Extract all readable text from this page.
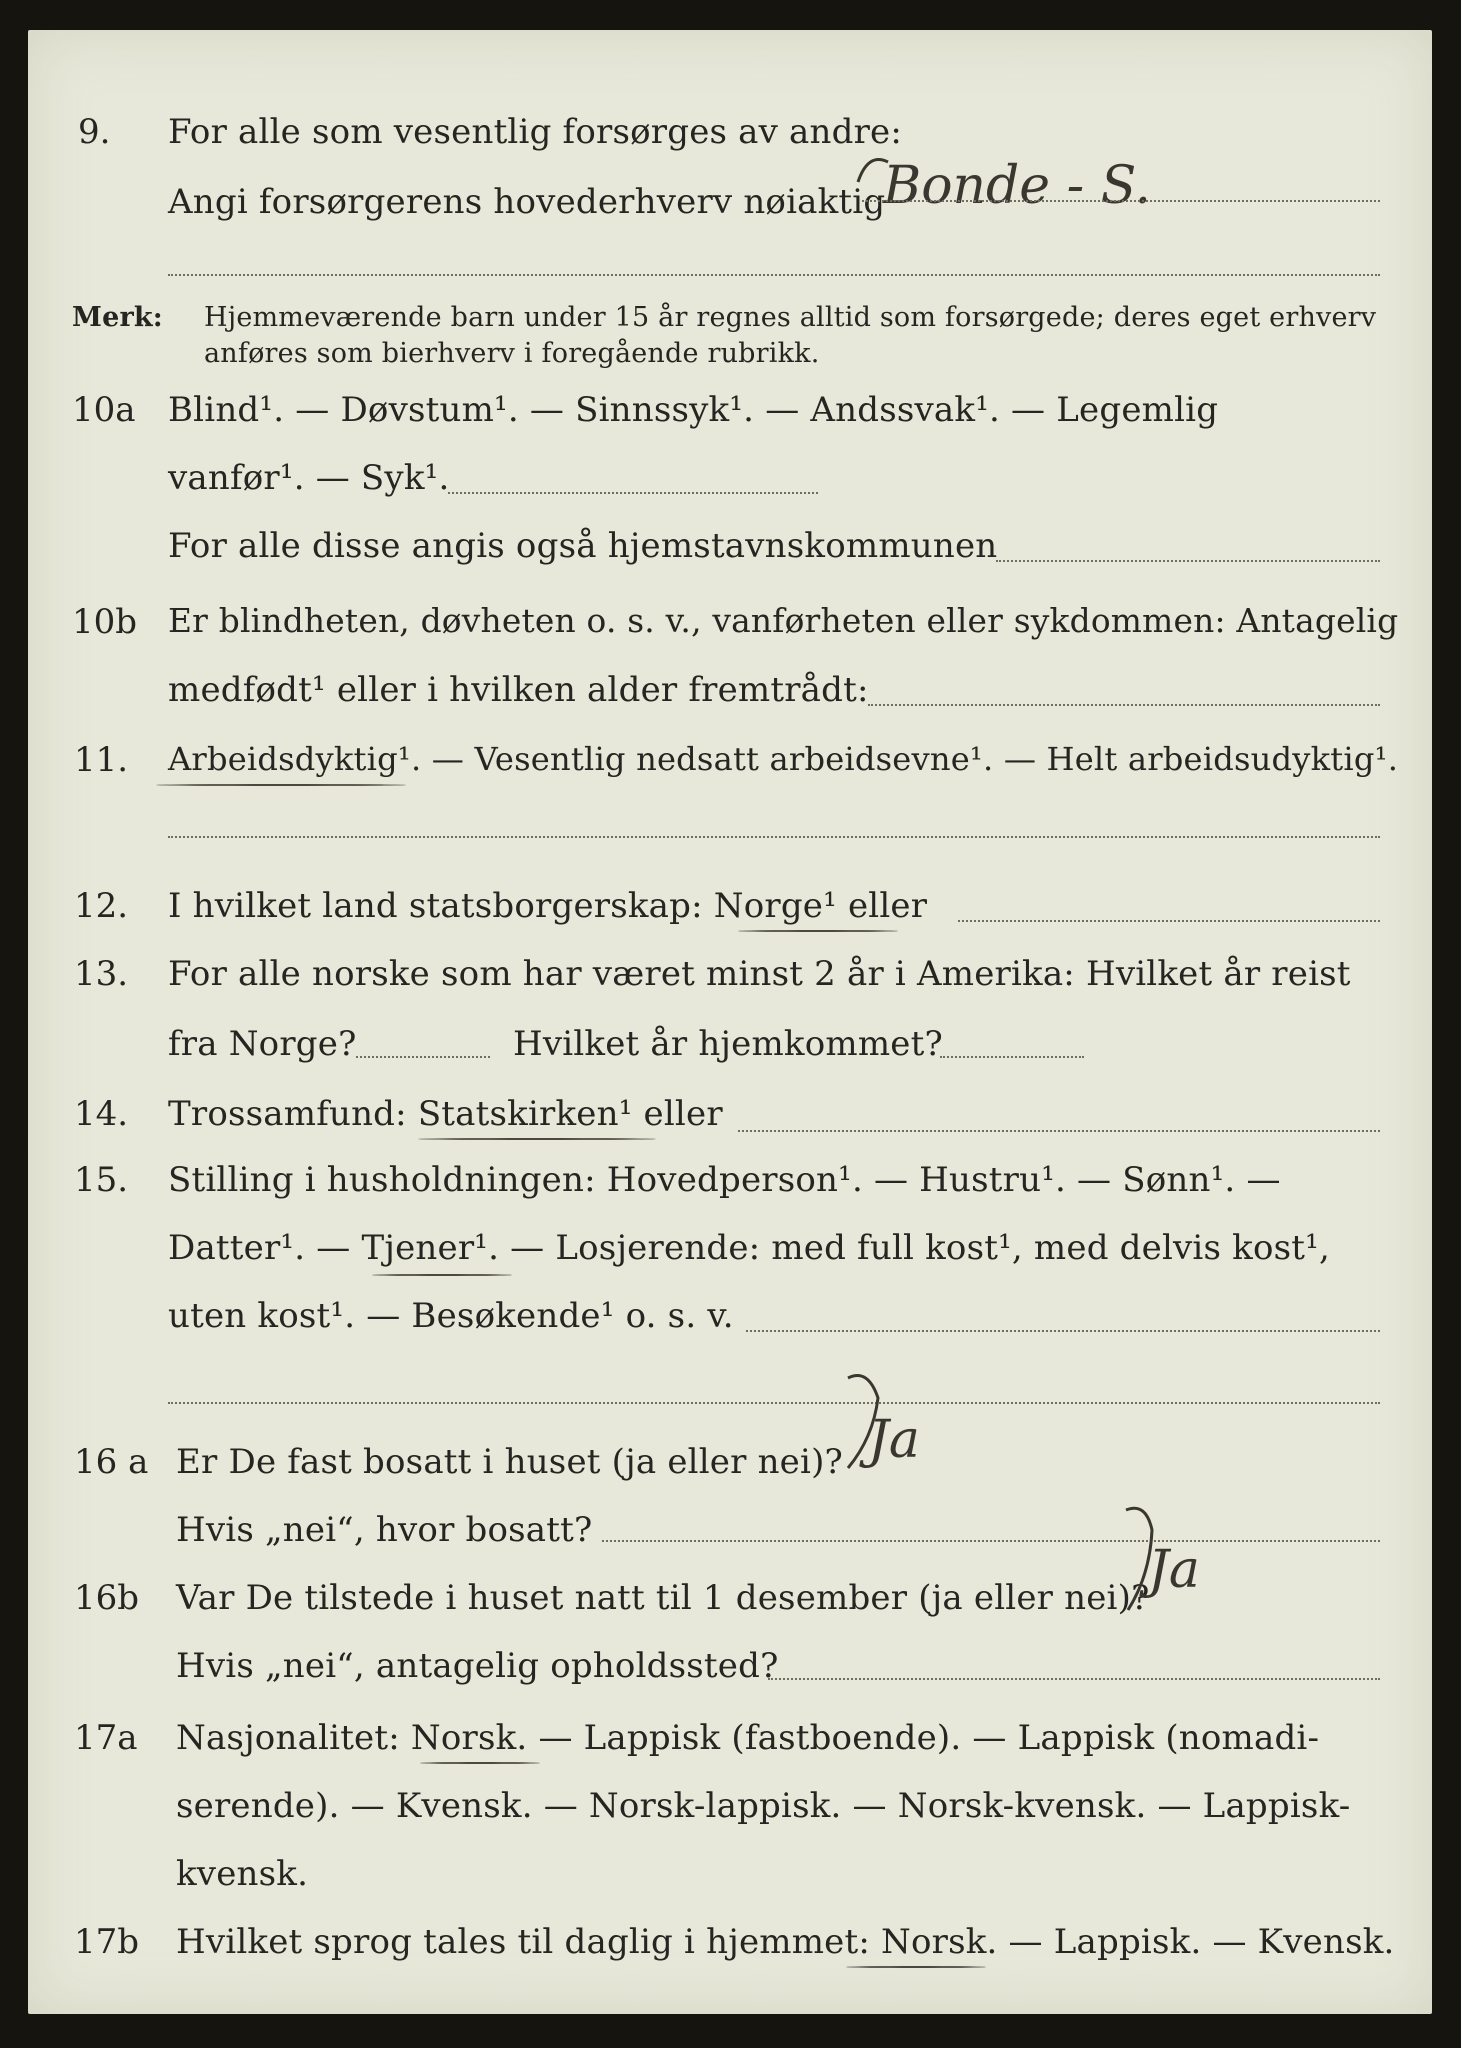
9. For alle som vesentlig forsørges av andre:
Angi forsørgerens hovederhverv nøiaktig
Bonde - S.
Merk: Hjemmeværende barn under 15 år regnes alltid som forsørgede; deres eget erhverv
anføres som bierhverv i foregående rubrikk.
10a Blind¹. — Døvstum¹. — Sinnssyk¹. — Andssvak¹. — Legemlig
vanfør¹. — Syk¹.
For alle disse angis også hjemstavnskommunen
10b Er blindheten, døvheten o. s. v., vanførheten eller sykdommen: Antagelig
medfødt¹ eller i hvilken alder fremtrådt:
11. Arbeidsdyktig¹. — Vesentlig nedsatt arbeidsevne¹. — Helt arbeidsudyktig¹.
12. I hvilket land statsborgerskap: Norge¹ eller
13. For alle norske som har været minst 2 år i Amerika: Hvilket år reist
fra Norge?	Hvilket år hjemkommet?
14. Trossamfund: Statskirken¹ eller
15. Stilling i husholdningen: Hovedperson¹. — Hustru¹. — Sønn¹. —
Datter¹. — Tjener¹. — Losjerende: med full kost¹, med delvis kost¹,
uten kost¹. — Besøkende¹ o. s. v.
16 a Er De fast bosatt i huset (ja eller nei)? Ja
Hvis „nei“, hvor bosatt?
16b Var De tilstede i huset natt til 1 desember (ja eller nei)?
Ja
Hvis „nei“, antagelig opholdssted?
17a Nasjonalitet: Norsk. — Lappisk (fastboende). — Lappisk (nomadi-
serende). — Kvensk. — Norsk-lappisk. — Norsk-kvensk. — Lappisk-
kvensk.
17b Hvilket sprog tales til daglig i hjemmet: Norsk. — Lappisk. — Kvensk.
